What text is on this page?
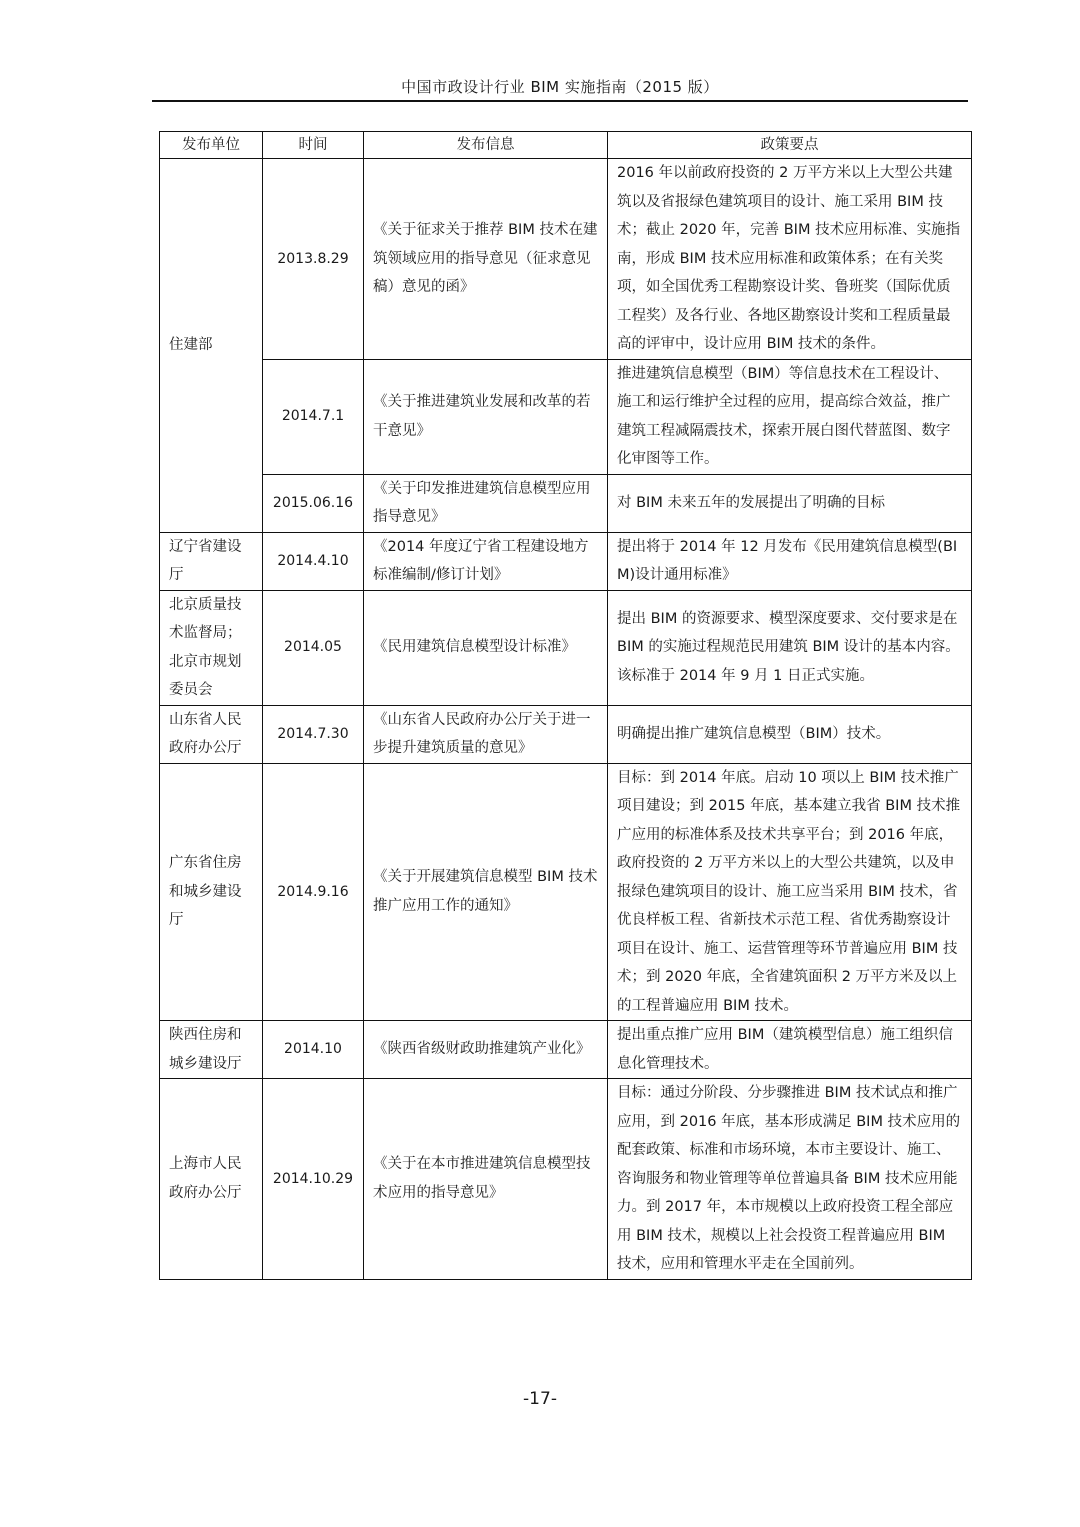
中国市政设计行业 BIM 实施指南（2015 版）
发布单位	时间	发布信息	政策要点
住建部	2013.8.29	《关于征求关于推荐 BIM 技术在建筑领域应用的指导意见（征求意见稿）意见的函》	2016 年以前政府投资的 2 万平方米以上大型公共建筑以及省报绿色建筑项目的设计、施工采用 BIM 技术；截止 2020 年，完善 BIM 技术应用标准、实施指南，形成 BIM 技术应用标准和政策体系；在有关奖项，如全国优秀工程勘察设计奖、鲁班奖（国际优质工程奖）及各行业、各地区勘察设计奖和工程质量最高的评审中，设计应用 BIM 技术的条件。
	2014.7.1	《关于推进建筑业发展和改革的若干意见》	推进建筑信息模型（BIM）等信息技术在工程设计、施工和运行维护全过程的应用，提高综合效益，推广建筑工程减隔震技术，探索开展白图代替蓝图、数字化审图等工作。
	2015.06.16	《关于印发推进建筑信息模型应用指导意见》	对 BIM 未来五年的发展提出了明确的目标
辽宁省建设厅	2014.4.10	《2014 年度辽宁省工程建设地方标准编制/修订计划》	提出将于 2014 年 12 月发布《民用建筑信息模型(BIM)设计通用标准》
北京质量技术监督局；北京市规划委员会	2014.05	《民用建筑信息模型设计标准》	提出 BIM 的资源要求、模型深度要求、交付要求是在 BIM 的实施过程规范民用建筑 BIM 设计的基本内容。该标准于 2014 年 9 月 1 日正式实施。
山东省人民政府办公厅	2014.7.30	《山东省人民政府办公厅关于进一步提升建筑质量的意见》	明确提出推广建筑信息模型（BIM）技术。
广东省住房和城乡建设厅	2014.9.16	《关于开展建筑信息模型 BIM 技术推广应用工作的通知》	目标：到 2014 年底。启动 10 项以上 BIM 技术推广项目建设；到 2015 年底，基本建立我省 BIM 技术推广应用的标准体系及技术共享平台；到 2016 年底，政府投资的 2 万平方米以上的大型公共建筑，以及申报绿色建筑项目的设计、施工应当采用 BIM 技术，省优良样板工程、省新技术示范工程、省优秀勘察设计项目在设计、施工、运营管理等环节普遍应用 BIM 技术；到 2020 年底，全省建筑面积 2 万平方米及以上的工程普遍应用 BIM 技术。
陕西住房和城乡建设厅	2014.10	《陕西省级财政助推建筑产业化》	提出重点推广应用 BIM（建筑模型信息）施工组织信息化管理技术。
上海市人民政府办公厅	2014.10.29	《关于在本市推进建筑信息模型技术应用的指导意见》	目标：通过分阶段、分步骤推进 BIM 技术试点和推广应用，到 2016 年底，基本形成满足 BIM 技术应用的配套政策、标准和市场环境，本市主要设计、施工、咨询服务和物业管理等单位普遍具备 BIM 技术应用能力。到 2017 年，本市规模以上政府投资工程全部应用 BIM 技术，规模以上社会投资工程普遍应用 BIM 技术，应用和管理水平走在全国前列。
-17-
